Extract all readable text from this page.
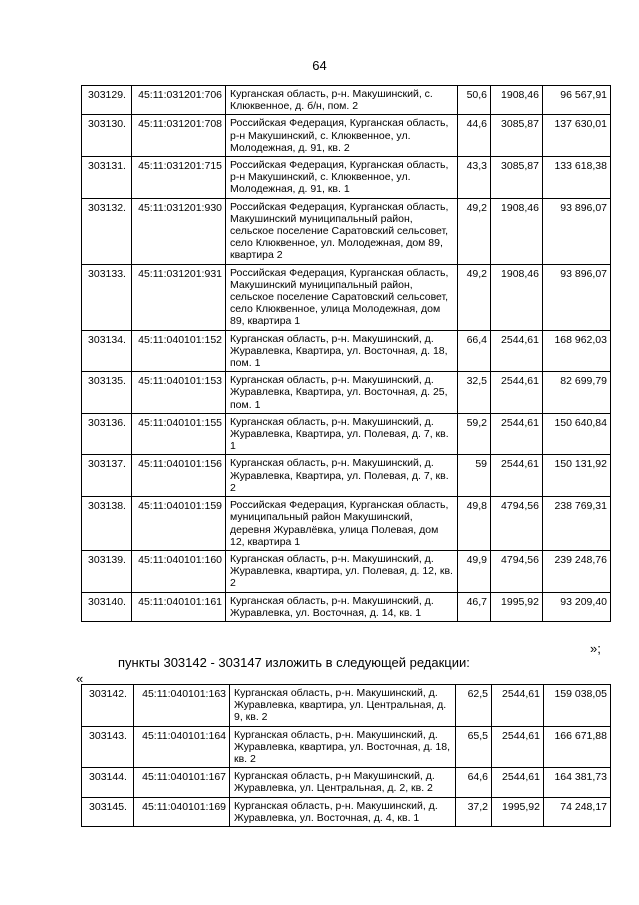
64
303129.	45:11:031201:706	Курганская область, р-н. Макушинский, с. Клюквенное, д. б/н, пом. 2	50,6	1908,46	96 567,91
303130.	45:11:031201:708	Российская Федерация, Курганская область, р-н Макушинский, с. Клюквенное, ул. Молодежная, д. 91, кв. 2	44,6	3085,87	137 630,01
303131.	45:11:031201:715	Российская Федерация, Курганская область, р-н Макушинский, с. Клюквенное, ул. Молодежная, д. 91, кв. 1	43,3	3085,87	133 618,38
303132.	45:11:031201:930	Российская Федерация, Курганская область, Макушинский муниципальный район, сельское поселение Саратовский сельсовет, село Клюквенное, ул. Молодежная, дом 89, квартира 2	49,2	1908,46	93 896,07
303133.	45:11:031201:931	Российская Федерация, Курганская область, Макушинский муниципальный район, сельское поселение Саратовский сельсовет, село Клюквенное, улица Молодежная, дом 89, квартира 1	49,2	1908,46	93 896,07
303134.	45:11:040101:152	Курганская область, р-н. Макушинский, д. Журавлевка, Квартира, ул. Восточная, д. 18, пом. 1	66,4	2544,61	168 962,03
303135.	45:11:040101:153	Курганская область, р-н. Макушинский, д. Журавлевка, Квартира, ул. Восточная, д. 25, пом. 1	32,5	2544,61	82 699,79
303136.	45:11:040101:155	Курганская область, р-н. Макушинский, д. Журавлевка, Квартира, ул. Полевая, д. 7, кв. 1	59,2	2544,61	150 640,84
303137.	45:11:040101:156	Курганская область, р-н. Макушинский, д. Журавлевка, Квартира, ул. Полевая, д. 7, кв. 2	59	2544,61	150 131,92
303138.	45:11:040101:159	Российская Федерация, Курганская область, муниципальный район Макушинский, деревня Журавлёвка, улица Полевая, дом 12, квартира 1	49,8	4794,56	238 769,31
303139.	45:11:040101:160	Курганская область, р-н. Макушинский, д. Журавлевка, квартира, ул. Полевая, д. 12, кв. 2	49,9	4794,56	239 248,76
303140.	45:11:040101:161	Курганская область, р-н. Макушинский, д. Журавлевка, ул. Восточная, д. 14, кв. 1	46,7	1995,92	93 209,40
»;
пункты 303142 - 303147 изложить в следующей редакции:
«
303142.	45:11:040101:163	Курганская область, р-н. Макушинский, д. Журавлевка, квартира, ул. Центральная, д. 9, кв. 2	62,5	2544,61	159 038,05
303143.	45:11:040101:164	Курганская область, р-н. Макушинский, д. Журавлевка, квартира, ул. Восточная, д. 18, кв. 2	65,5	2544,61	166 671,88
303144.	45:11:040101:167	Курганская область, р-н Макушинский, д. Журавлевка, ул. Центральная, д. 2, кв. 2	64,6	2544,61	164 381,73
303145.	45:11:040101:169	Курганская область, р-н. Макушинский, д. Журавлевка, ул. Восточная, д. 4, кв. 1	37,2	1995,92	74 248,17
